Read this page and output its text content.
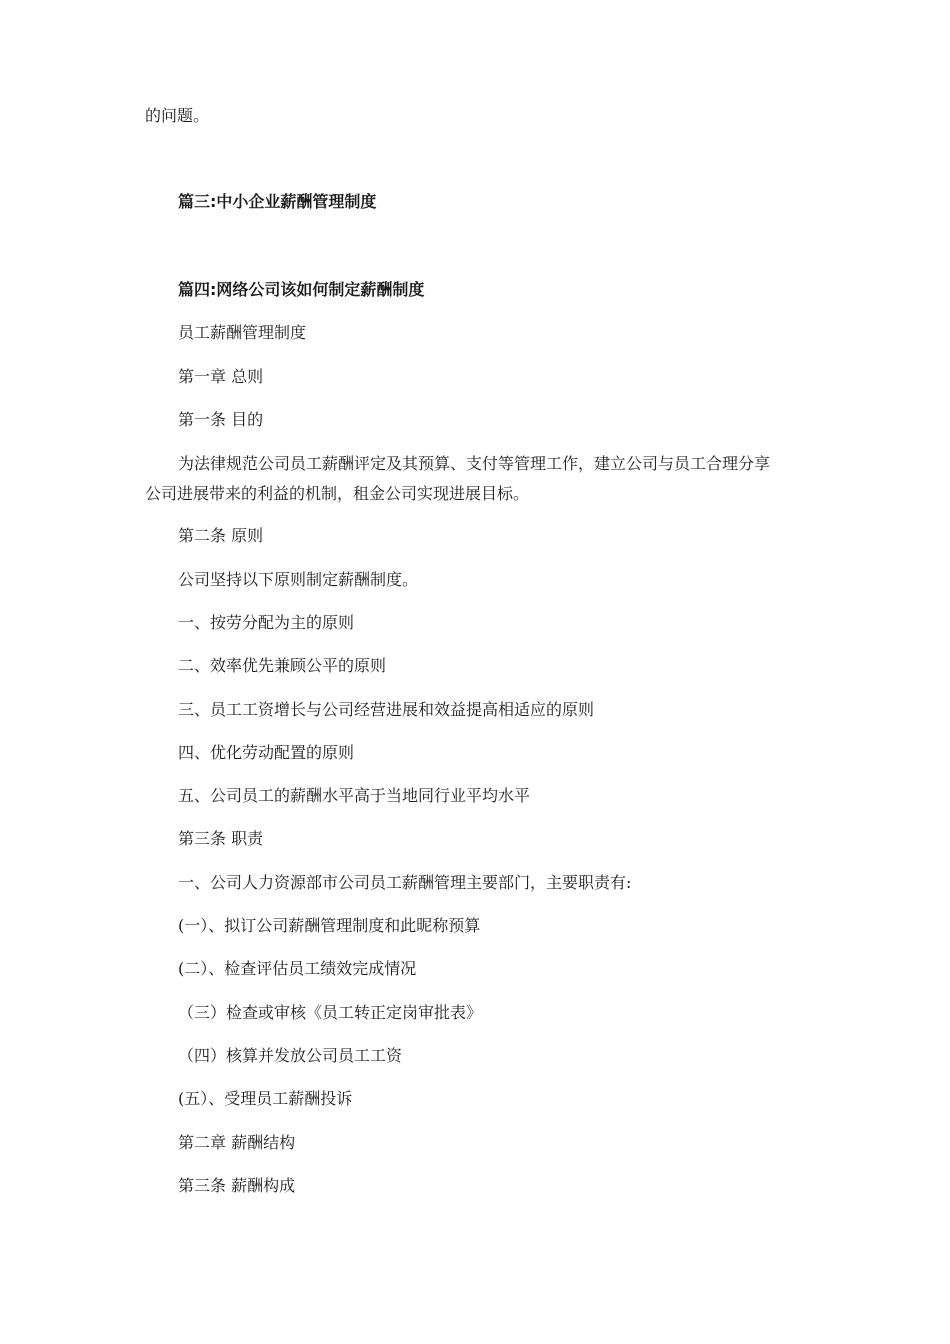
的问题。

篇三:中小企业薪酬管理制度

篇四:网络公司该如何制定薪酬制度

员工薪酬管理制度

第一章 总则

第一条 目的

为法律规范公司员工薪酬评定及其预算、支付等管理工作，建立公司与员工合理分享

公司进展带来的利益的机制，租金公司实现进展目标。

第二条 原则

公司坚持以下原则制定薪酬制度。

一、按劳分配为主的原则

二、效率优先兼顾公平的原则

三、员工工资增长与公司经营进展和效益提高相适应的原则

四、优化劳动配置的原则

五、公司员工的薪酬水平高于当地同行业平均水平

第三条 职责

一、公司人力资源部市公司员工薪酬管理主要部门，主要职责有:

(一）、拟订公司薪酬管理制度和此昵称预算

(二）、检查评估员工绩效完成情况

（三）检查或审核《员工转正定岗审批表》

（四）核算并发放公司员工工资

(五）、受理员工薪酬投诉

第二章 薪酬结构

第三条 薪酬构成
